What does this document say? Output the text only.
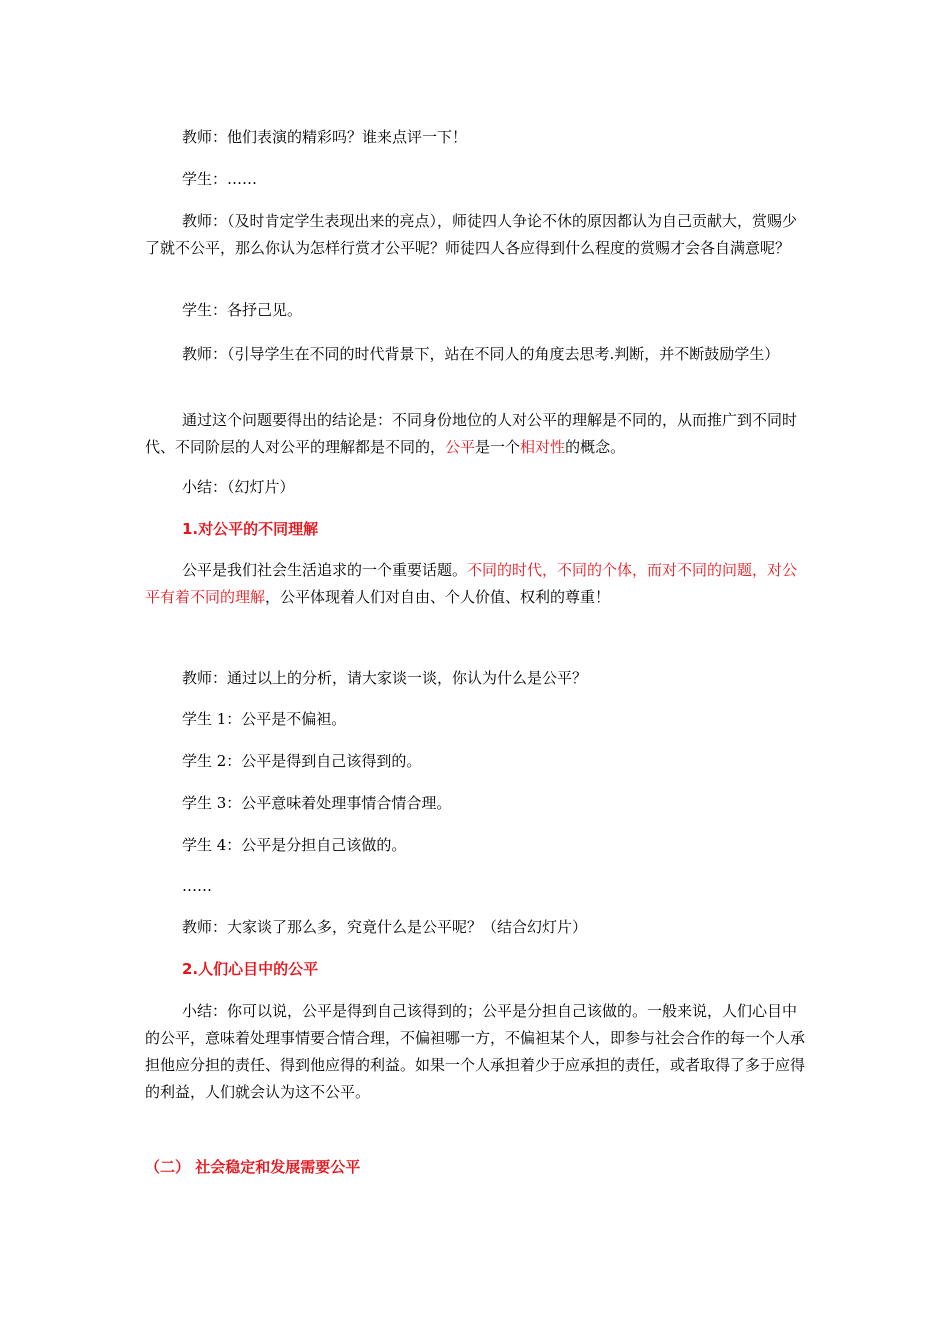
教师：他们表演的精彩吗？谁来点评一下！

学生：……

教师：（及时肯定学生表现出来的亮点），师徒四人争论不休的原因都认为自己贡献大，赏赐少了就不公平，那么你认为怎样行赏才公平呢？师徒四人各应得到什么程度的赏赐才会各自满意呢？

学生：各抒己见。

教师：（引导学生在不同的时代背景下，站在不同人的角度去思考.判断，并不断鼓励学生）

通过这个问题要得出的结论是：不同身份地位的人对公平的理解是不同的，从而推广到不同时代、不同阶层的人对公平的理解都是不同的，公平是一个相对性的概念。

小结：（幻灯片）

1.对公平的不同理解

公平是我们社会生活追求的一个重要话题。不同的时代，不同的个体，而对不同的问题，对公平有着不同的理解，公平体现着人们对自由、个人价值、权利的尊重！

教师：通过以上的分析，请大家谈一谈，你认为什么是公平？

学生 1：公平是不偏袒。

学生 2：公平是得到自己该得到的。

学生 3：公平意味着处理事情合情合理。

学生 4：公平是分担自己该做的。

……

教师：大家谈了那么多，究竟什么是公平呢？（结合幻灯片）

2.人们心目中的公平

小结：你可以说，公平是得到自己该得到的；公平是分担自己该做的。一般来说，人们心目中的公平，意味着处理事情要合情合理，不偏袒哪一方，不偏袒某个人，即参与社会合作的每一个人承担他应分担的责任、得到他应得的利益。如果一个人承担着少于应承担的责任，或者取得了多于应得的利益，人们就会认为这不公平。

（二） 社会稳定和发展需要公平
